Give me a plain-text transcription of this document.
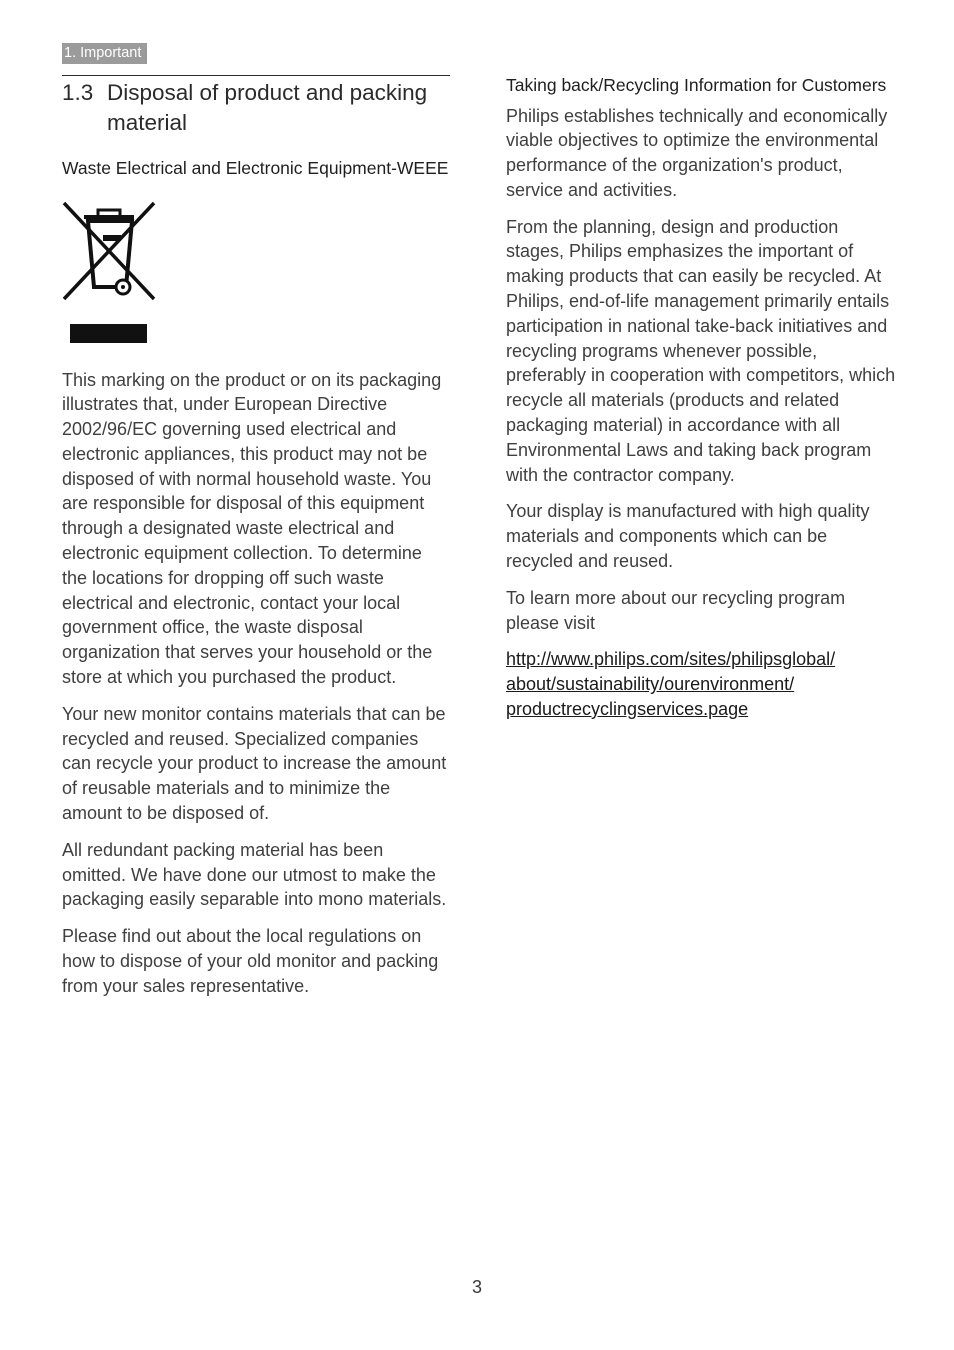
1. Important
1.3 Disposal of product and packing material
Waste Electrical and Electronic Equipment-WEEE

This marking on the product or on its packaging illustrates that, under European Directive 2002/96/EC governing used electrical and electronic appliances, this product may not be disposed of with normal household waste. You are responsible for disposal of this equipment through a designated waste electrical and electronic equipment collection. To determine the locations for dropping off such waste electrical and electronic, contact your local government office, the waste disposal organization that serves your household or the store at which you purchased the product.

Your new monitor contains materials that can be recycled and reused. Specialized companies can recycle your product to increase the amount of reusable materials and to minimize the amount to be disposed of.

All redundant packing material has been omitted. We have done our utmost to make the packaging easily separable into mono materials.

Please find out about the local regulations on how to dispose of your old monitor and packing from your sales representative.

Taking back/Recycling Information for Customers

Philips establishes technically and economically viable objectives to optimize the environmental performance of the organization's product, service and activities.

From the planning, design and production stages, Philips emphasizes the important of making products that can easily be recycled. At Philips, end-of-life management primarily entails participation in national take-back initiatives and recycling programs whenever possible, preferably in cooperation with competitors, which recycle all materials (products and related packaging material) in accordance with all Environmental Laws and taking back program with the contractor company.

Your display is manufactured with high quality materials and components which can be recycled and reused.

To learn more about our recycling program please visit

http://www.philips.com/sites/philipsglobal/
about/sustainability/ourenvironment/
productrecyclingservices.page
3
